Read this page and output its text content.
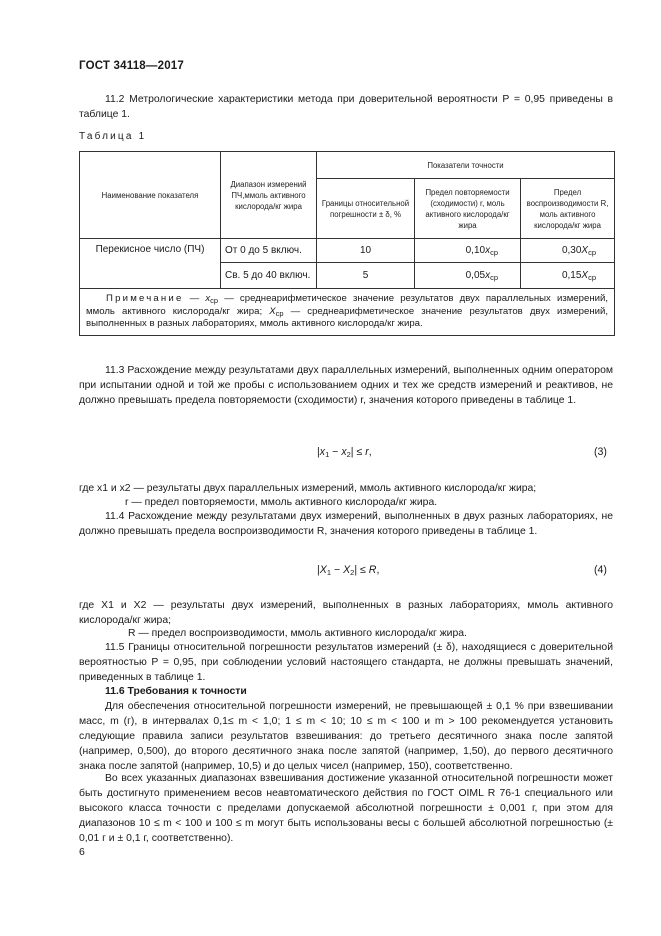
ГОСТ 34118—2017
11.2 Метрологические характеристики метода при доверительной вероятности Р = 0,95 приведены в таблице 1.
Таблица 1
Наименование показателя	Диапазон измерений ПЧ,ммоль активного кислорода/кг жира	Показатели точности		
		Границы относительной погрешности ± δ, %	Предел повторяемости (сходимости) r, моль активного кислорода/кг жира	Предел воспроизводимости R, моль активного кислорода/кг жира
Перекисное число (ПЧ)	От 0 до 5 включ.	10	$0,10x_{ср}$	$0,30X_{ср}$
	Св. 5 до 40 включ.	5	$0,05x_{ср}$	$0,15X_{ср}$
Примечание — $x_{ср}$ — среднеарифметическое значение результатов двух параллельных измерений, ммоль активного кислорода/кг жира; $X_{ср}$ — среднеарифметическое значение результатов двух измерений, выполненных в разных лабораториях, ммоль активного кислорода/кг жира.				
11.3 Расхождение между результатами двух параллельных измерений, выполненных одним оператором при испытании одной и той же пробы с использованием одних и тех же средств измерений и реактивов, не должно превышать предела повторяемости (сходимости) r, значения которого приведены в таблице 1.
$|x_1 - x_2| \le r$,	(3)
где x1 и x2 — результаты двух параллельных измерений, ммоль активного кислорода/кг жира;
r — предел повторяемости, ммоль активного кислорода/кг жира.
11.4 Расхождение между результатами двух измерений, выполненных в двух разных лабораториях, не должно превышать предела воспроизводимости R, значения которого приведены в таблице 1.
$|X_1 - X_2| \le R$,	(4)
где X1 и X2 — результаты двух измерений, выполненных в разных лабораториях, ммоль активного кислорода/кг жира;
R — предел воспроизводимости, ммоль активного кислорода/кг жира.
11.5 Границы относительной погрешности результатов измерений (± δ), находящиеся с доверительной вероятностью Р = 0,95, при соблюдении условий настоящего стандарта, не должны превышать значений, приведенных в таблице 1.
11.6 Требования к точности
Для обеспечения относительной погрешности измерений, не превышающей ± 0,1 % при взвешивании масс, m (г), в интервалах 0,1≤ m < 1,0; 1 ≤ m < 10; 10 ≤ m < 100 и m > 100 рекомендуется установить следующие правила записи результатов взвешивания: до третьего десятичного знака после запятой (например, 0,500), до второго десятичного знака после запятой (например, 1,50), до первого десятичного знака после запятой (например, 10,5) и до целых чисел (например, 150), соответственно.
Во всех указанных диапазонах взвешивания достижение указанной относительной погрешности может быть достигнуто применением весов неавтоматического действия по ГОСТ OIML R 76-1 специального или высокого класса точности с пределами допускаемой абсолютной погрешности ± 0,001 г, при этом для диапазонов 10 ≤ m < 100 и 100 ≤ m могут быть использованы весы с большей абсолютной погрешностью (± 0,01 г и ± 0,1 г, соответственно).
6
